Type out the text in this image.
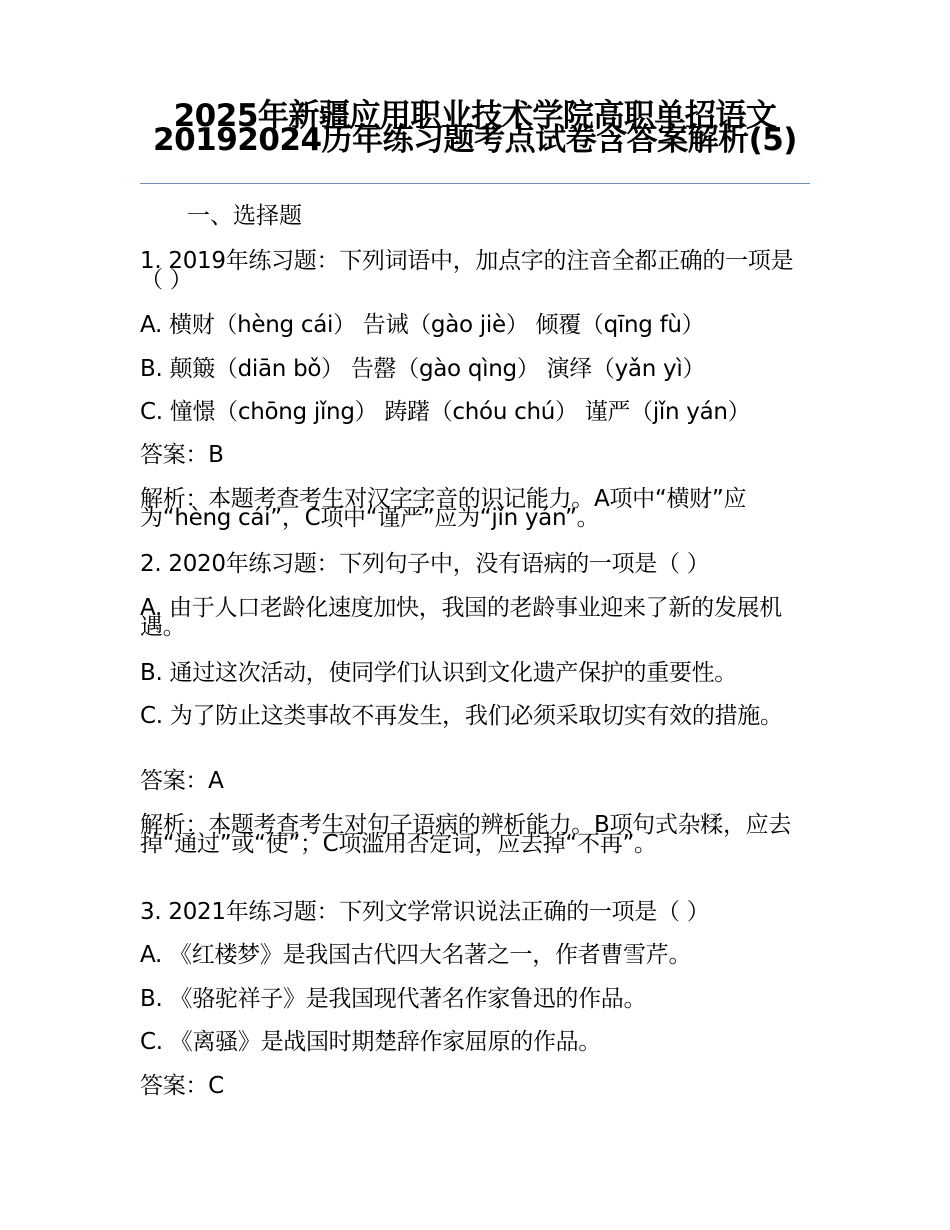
2025年新疆应用职业技术学院高职单招语文20192024历年练习题考点试卷含答案解析(5)
一、选择题
1. 2019年练习题：下列词语中，加点字的注音全都正确的一项是（ ）
A. 横财（hèng cái） 告诫（gào jiè） 倾覆（qīng fù）
B. 颠簸（diān bǒ） 告罄（gào qìng） 演绎（yǎn yì）
C. 憧憬（chōng jǐng） 踌躇（chóu chú） 谨严（jǐn yán）
答案：B
解析：本题考查考生对汉字字音的识记能力。A项中“横财”应为“hèng cái”，C项中“谨严”应为“jǐn yán”。
2. 2020年练习题：下列句子中，没有语病的一项是（ ）
A. 由于人口老龄化速度加快，我国的老龄事业迎来了新的发展机遇。
B. 通过这次活动，使同学们认识到文化遗产保护的重要性。
C. 为了防止这类事故不再发生，我们必须采取切实有效的措施。
答案：A
解析：本题考查考生对句子语病的辨析能力。B项句式杂糅，应去掉“通过”或“使”；C项滥用否定词，应去掉“不再”。
3. 2021年练习题：下列文学常识说法正确的一项是（ ）
A. 《红楼梦》是我国古代四大名著之一，作者曹雪芹。
B. 《骆驼祥子》是我国现代著名作家鲁迅的作品。
C. 《离骚》是战国时期楚辞作家屈原的作品。
答案：C
